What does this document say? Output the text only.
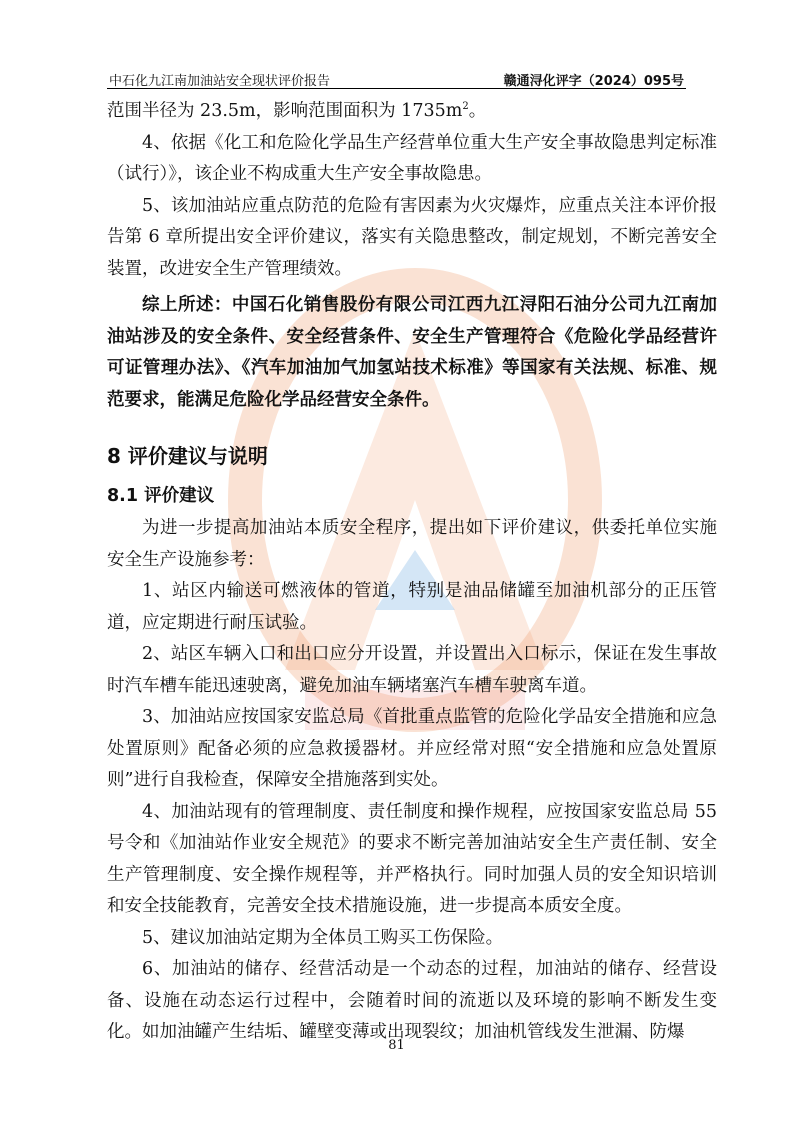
中石化九江南加油站安全现状评价报告	赣通浔化评字（2024）095号

范围半径为 23.5m，影响范围面积为 $1735m^2$。

4、依据《化工和危险化学品生产经营单位重大生产安全事故隐患判定标准（试行）》，该企业不构成重大生产安全事故隐患。

5、该加油站应重点防范的危险有害因素为火灾爆炸，应重点关注本评价报告第 6 章所提出安全评价建议，落实有关隐患整改，制定规划，不断完善安全装置，改进安全生产管理绩效。

综上所述：中国石化销售股份有限公司江西九江浔阳石油分公司九江南加油站涉及的安全条件、安全经营条件、安全生产管理符合《危险化学品经营许可证管理办法》、《汽车加油加气加氢站技术标准》等国家有关法规、标准、规范要求，能满足危险化学品经营安全条件。

8 评价建议与说明
8.1 评价建议

为进一步提高加油站本质安全程序，提出如下评价建议，供委托单位实施安全生产设施参考：

1、站区内输送可燃液体的管道，特别是油品储罐至加油机部分的正压管道，应定期进行耐压试验。

2、站区车辆入口和出口应分开设置，并设置出入口标示，保证在发生事故时汽车槽车能迅速驶离，避免加油车辆堵塞汽车槽车驶离车道。

3、加油站应按国家安监总局《首批重点监管的危险化学品安全措施和应急处置原则》配备必须的应急救援器材。并应经常对照“安全措施和应急处置原则”进行自我检查，保障安全措施落到实处。

4、加油站现有的管理制度、责任制度和操作规程，应按国家安监总局 55 号令和《加油站作业安全规范》的要求不断完善加油站安全生产责任制、安全生产管理制度、安全操作规程等，并严格执行。同时加强人员的安全知识培训和安全技能教育，完善安全技术措施设施，进一步提高本质安全度。

5、建议加油站定期为全体员工购买工伤保险。

6、加油站的储存、经营活动是一个动态的过程，加油站的储存、经营设备、设施在动态运行过程中，会随着时间的流逝以及环境的影响不断发生变化。如加油罐产生结垢、罐壁变薄或出现裂纹；加油机管线发生泄漏、防爆

81
